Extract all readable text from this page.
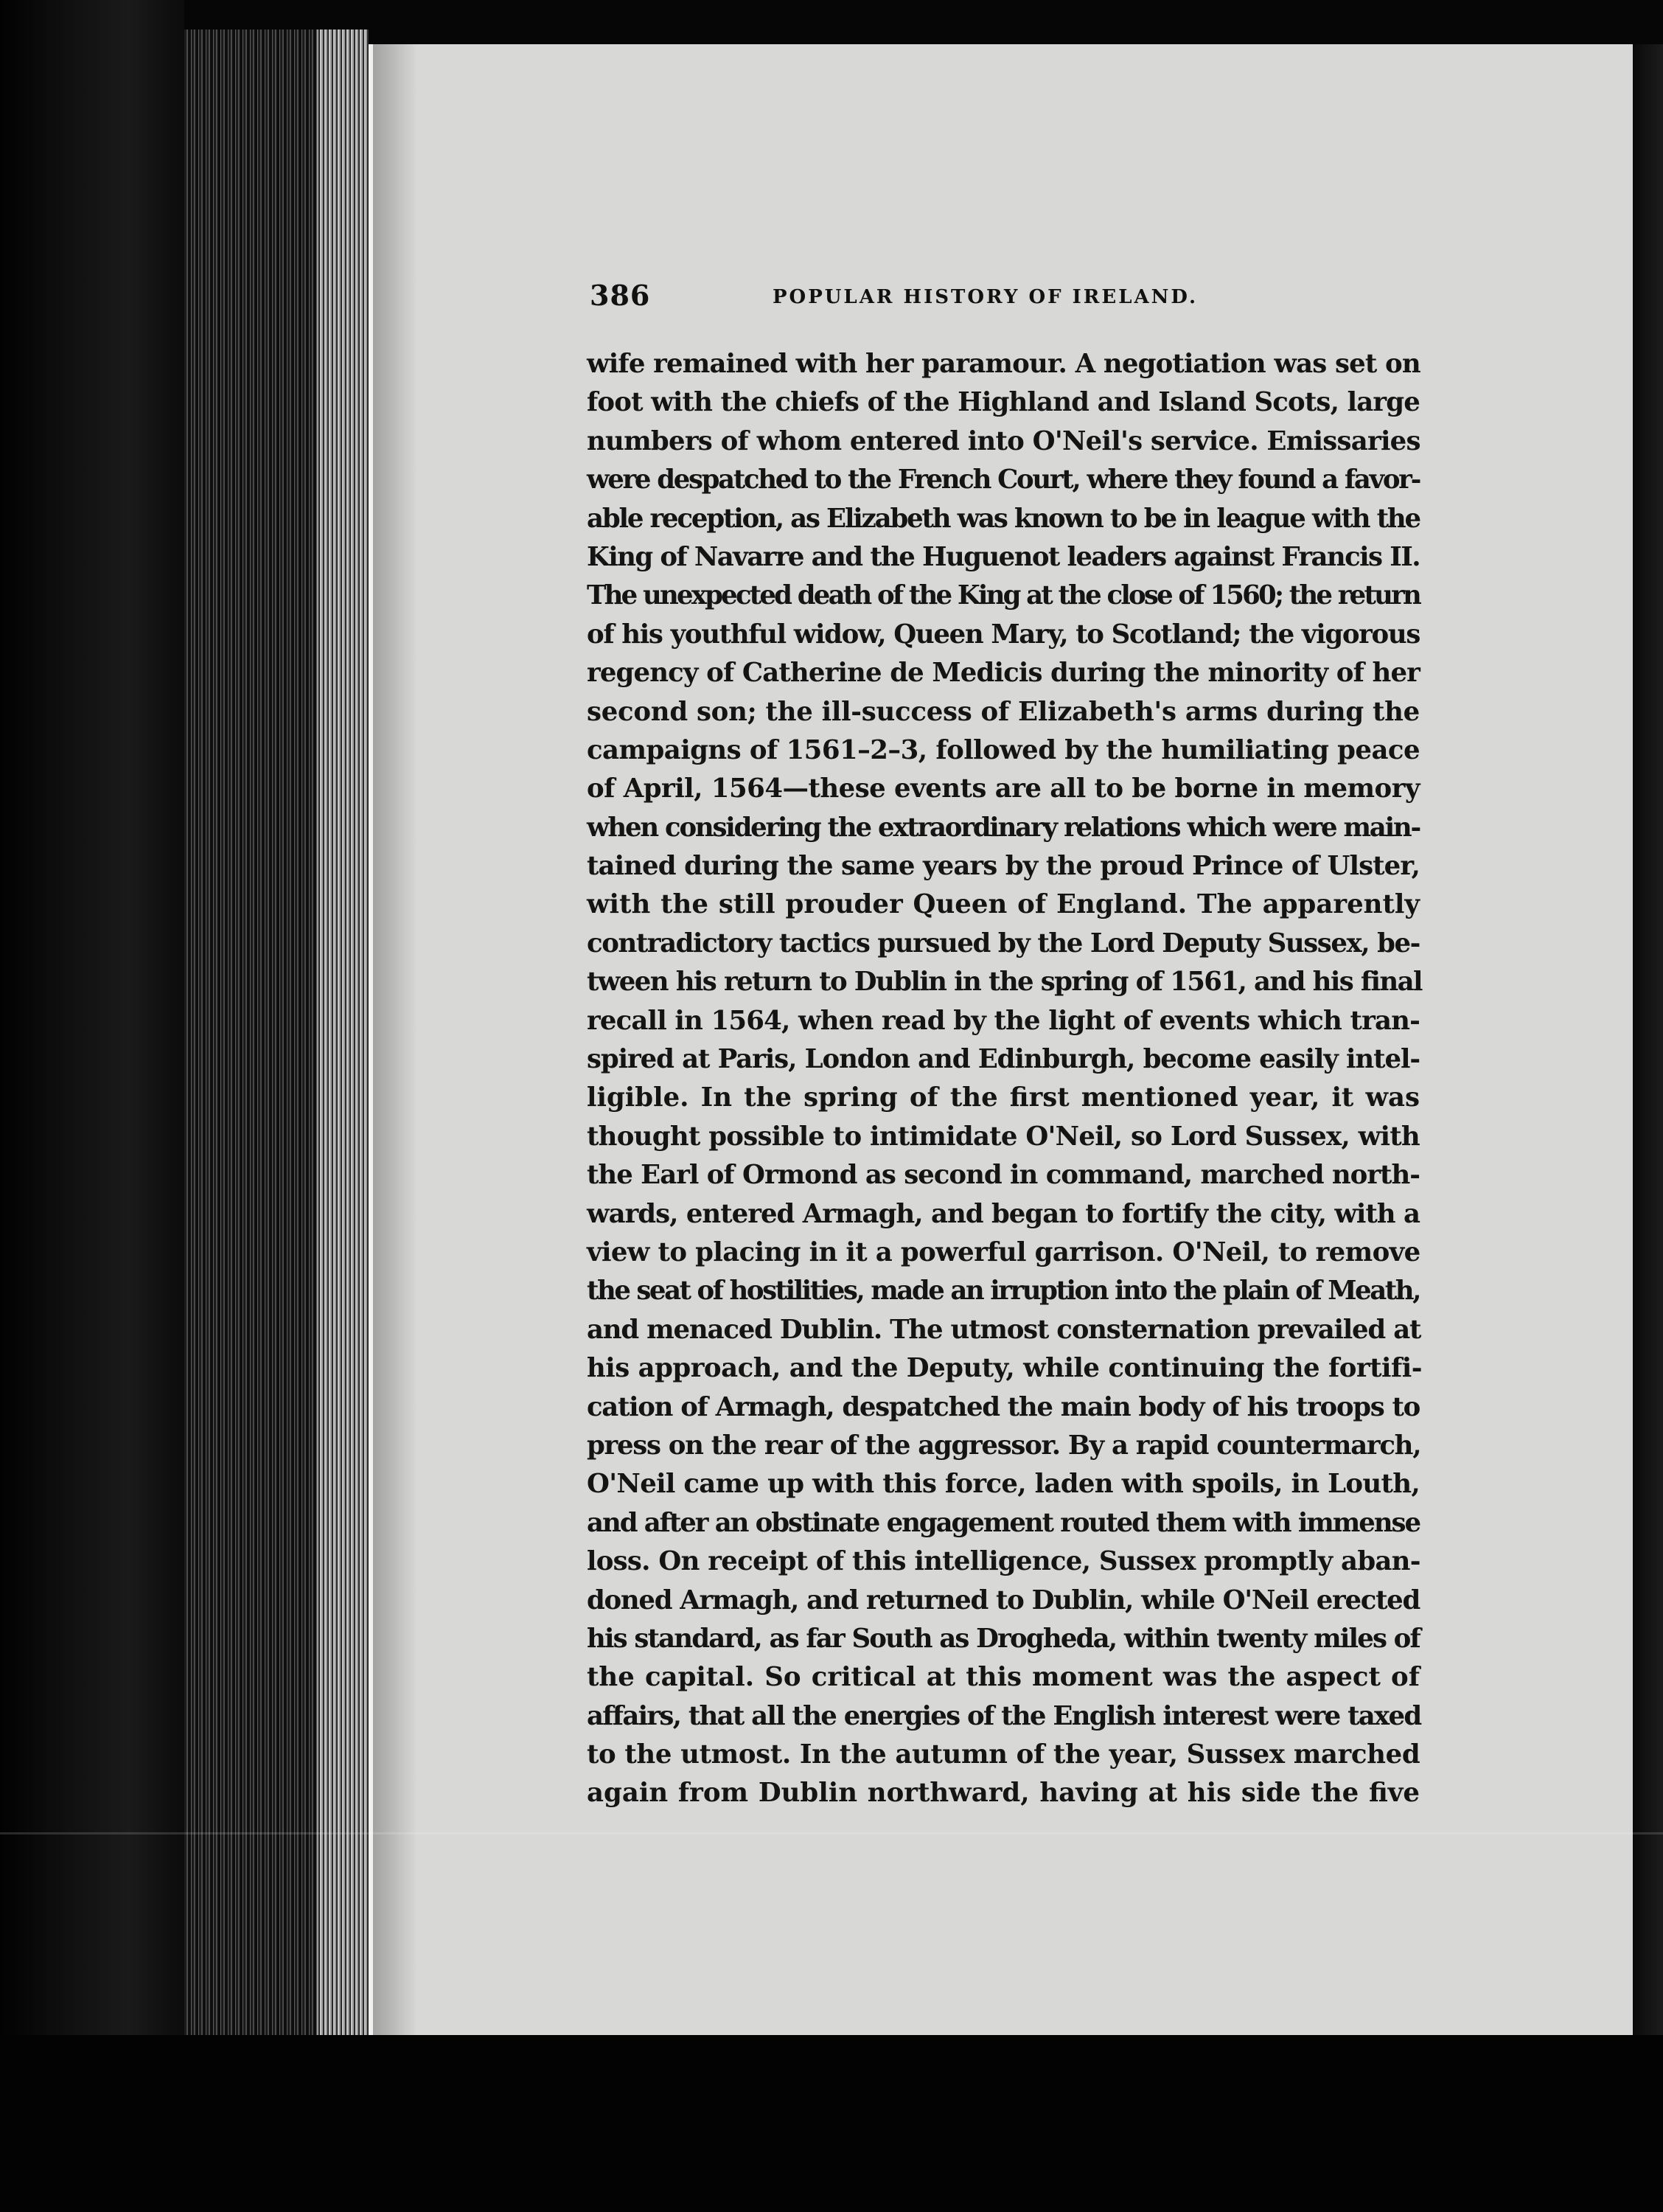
386	POPULAR HISTORY OF IRELAND.
wife remained with her paramour. A negotiation was set on
foot with the chiefs of the Highland and Island Scots, large
numbers of whom entered into O'Neil's service. Emissaries
were despatched to the French Court, where they found a favor-
able reception, as Elizabeth was known to be in league with the
King of Navarre and the Huguenot leaders against Francis II.
The unexpected death of the King at the close of 1560; the return
of his youthful widow, Queen Mary, to Scotland; the vigorous
regency of Catherine de Medicis during the minority of her
second son; the ill-success of Elizabeth's arms during the
campaigns of 1561–2–3, followed by the humiliating peace
of April, 1564—these events are all to be borne in memory
when considering the extraordinary relations which were main-
tained during the same years by the proud Prince of Ulster,
with the still prouder Queen of England. The apparently
contradictory tactics pursued by the Lord Deputy Sussex, be-
tween his return to Dublin in the spring of 1561, and his final
recall in 1564, when read by the light of events which tran-
spired at Paris, London and Edinburgh, become easily intel-
ligible. In the spring of the first mentioned year, it was
thought possible to intimidate O'Neil, so Lord Sussex, with
the Earl of Ormond as second in command, marched north-
wards, entered Armagh, and began to fortify the city, with a
view to placing in it a powerful garrison. O'Neil, to remove
the seat of hostilities, made an irruption into the plain of Meath,
and menaced Dublin. The utmost consternation prevailed at
his approach, and the Deputy, while continuing the fortifi-
cation of Armagh, despatched the main body of his troops to
press on the rear of the aggressor. By a rapid countermarch,
O'Neil came up with this force, laden with spoils, in Louth,
and after an obstinate engagement routed them with immense
loss. On receipt of this intelligence, Sussex promptly aban-
doned Armagh, and returned to Dublin, while O'Neil erected
his standard, as far South as Drogheda, within twenty miles of
the capital. So critical at this moment was the aspect of
affairs, that all the energies of the English interest were taxed
to the utmost. In the autumn of the year, Sussex marched
again from Dublin northward, having at his side the five
